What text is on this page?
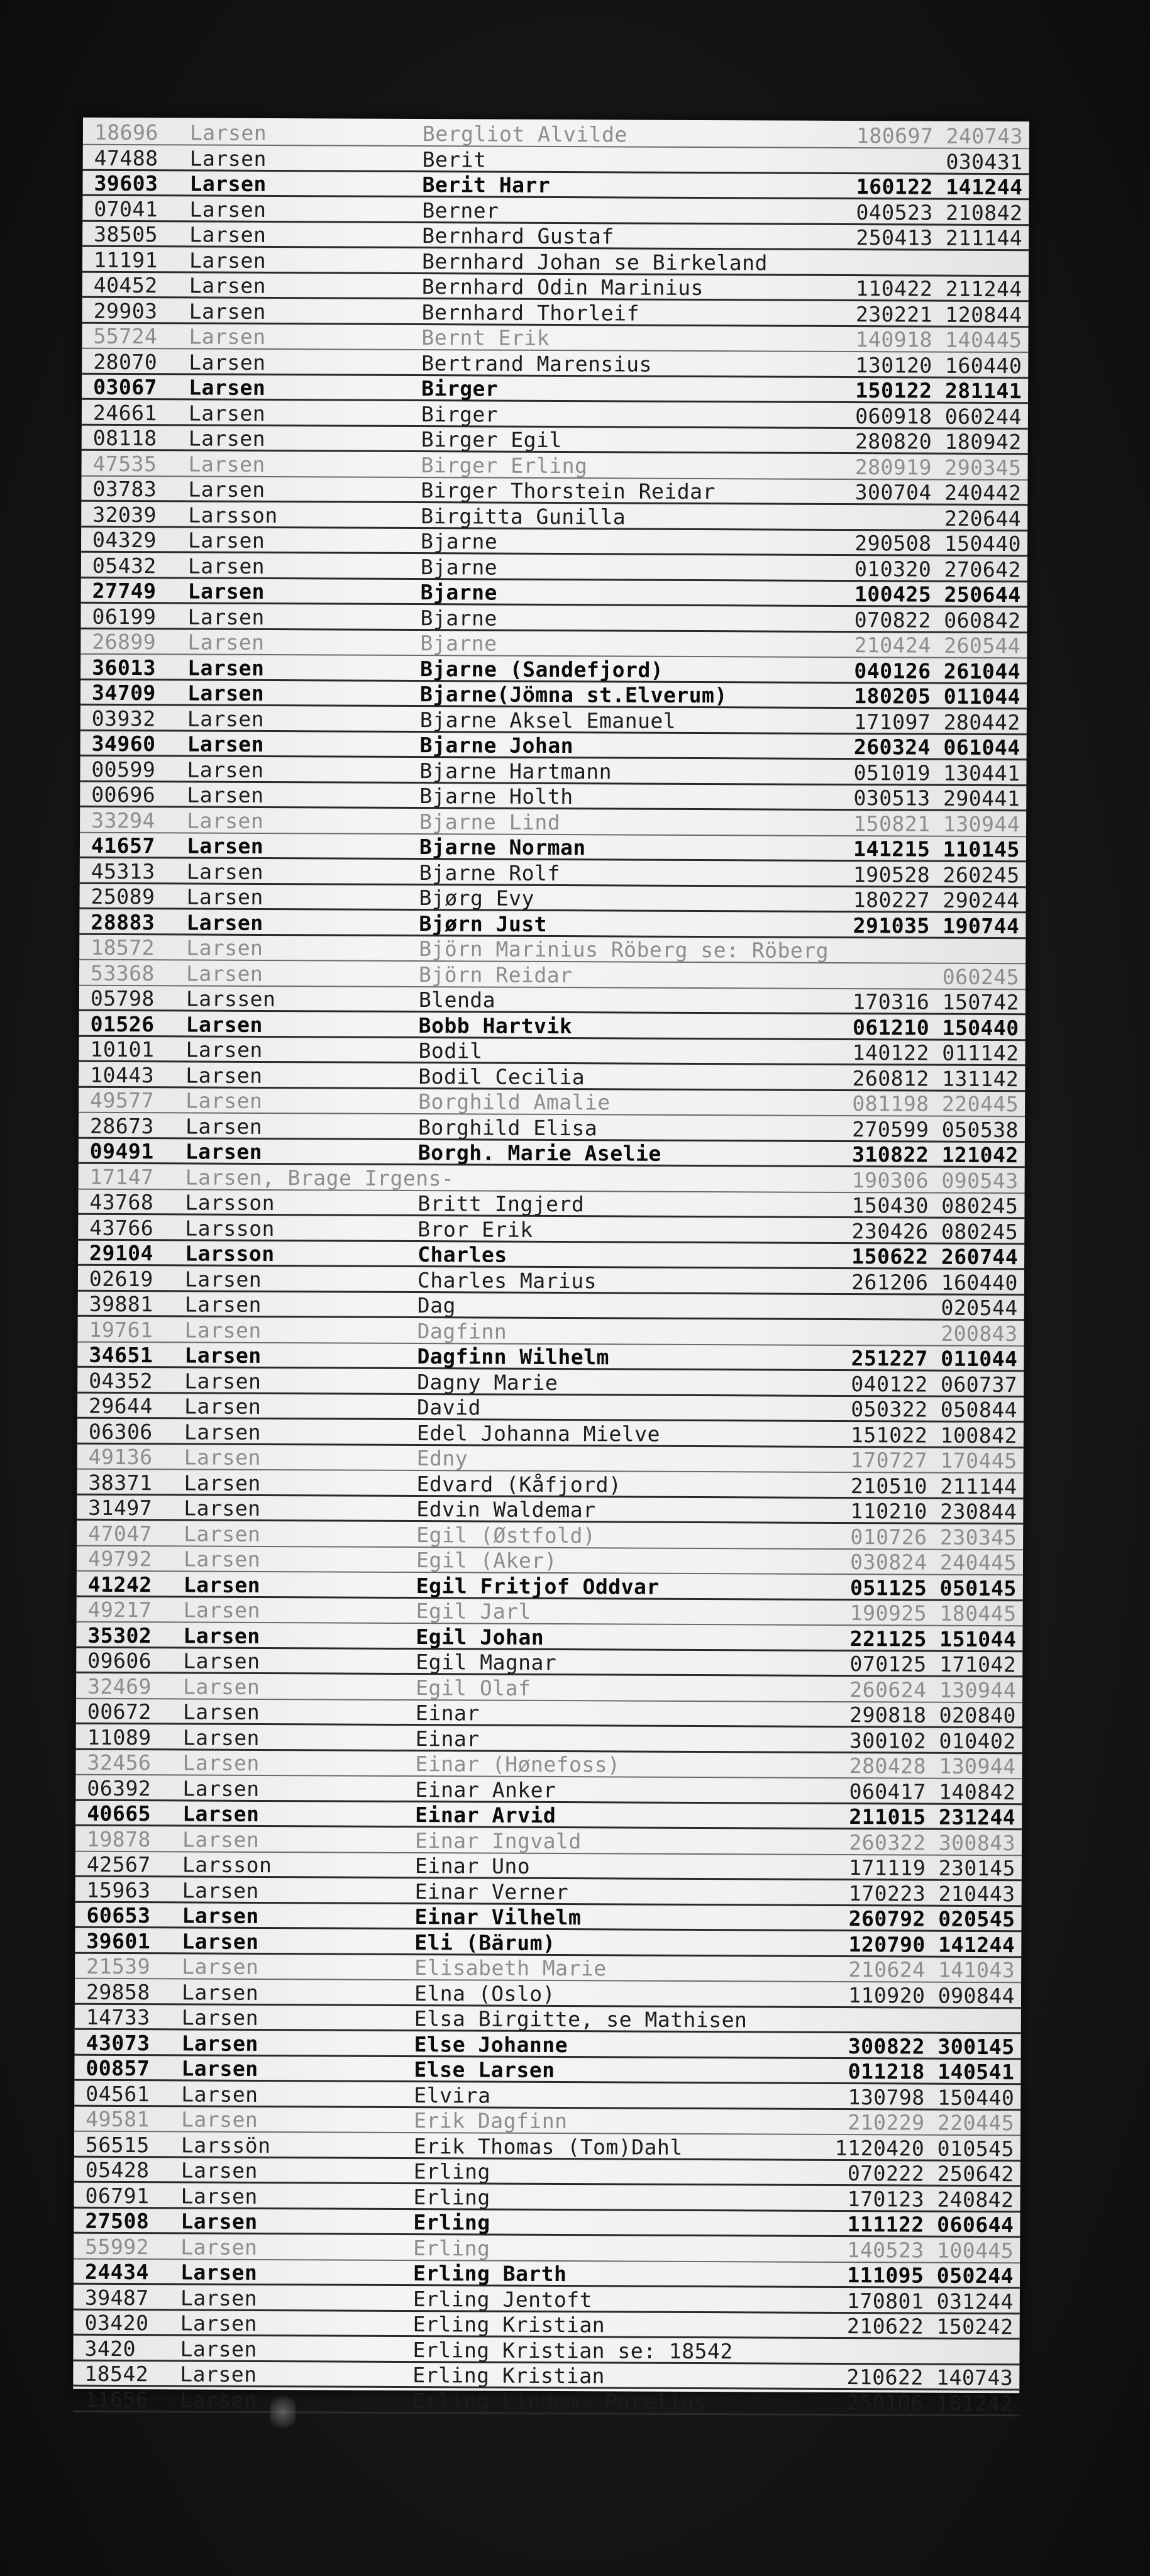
18696 Larsen	Bergliot Alvilde	180697 240743
47488 Larsen	Berit	030431
39603 Larsen	Berit Harr	160122 141244
07041 Larsen	Berner	040523 210842
38505 Larsen	Bernhard Gustaf	250413 211144
11191 Larsen	Bernhard Johan se Birkeland
40452 Larsen	Bernhard Odin Marinius	110422 211244
29903 Larsen	Bernhard Thorleif	230221 120844
55724 Larsen	Bernt Erik	140918 140445
28070 Larsen	Bertrand Marensius	130120 160440
03067 Larsen	Birger	150122 281141
24661 Larsen	Birger	060918 060244
08118 Larsen	Birger Egil	280820 180942
47535 Larsen	Birger Erling	280919 290345
03783 Larsen	Birger Thorstein Reidar	300704 240442
32039 Larsson	Birgitta Gunilla	220644
04329 Larsen	Bjarne	290508 150440
05432 Larsen	Bjarne	010320 270642
27749 Larsen	Bjarne	100425 250644
06199 Larsen	Bjarne	070822 060842
26899 Larsen	Bjarne	210424 260544
36013 Larsen	Bjarne (Sandefjord)	040126 261044
34709 Larsen	Bjarne(Jömna st.Elverum)	180205 011044
03932 Larsen	Bjarne Aksel Emanuel	171097 280442
34960 Larsen	Bjarne Johan	260324 061044
00599 Larsen	Bjarne Hartmann	051019 130441
00696 Larsen	Bjarne Holth	030513 290441
33294 Larsen	Bjarne Lind	150821 130944
41657 Larsen	Bjarne Norman	141215 110145
45313 Larsen	Bjarne Rolf	190528 260245
25089 Larsen	Bjørg Evy	180227 290244
28883 Larsen	Bjørn Just	291035 190744
18572 Larsen	Björn Marinius Röberg se: Röberg
53368 Larsen	Björn Reidar	060245
05798 Larssen	Blenda	170316 150742
01526 Larsen	Bobb Hartvik	061210 150440
10101 Larsen	Bodil	140122 011142
10443 Larsen	Bodil Cecilia	260812 131142
49577 Larsen	Borghild Amalie	081198 220445
28673 Larsen	Borghild Elisa	270599 050538
09491 Larsen	Borgh. Marie Aselie	310822 121042
17147 Larsen, Brage Irgens-	190306 090543
43768 Larsson	Britt Ingjerd	150430 080245
43766 Larsson	Bror Erik	230426 080245
29104 Larsson	Charles	150622 260744
02619 Larsen	Charles Marius	261206 160440
39881 Larsen	Dag	020544
19761 Larsen	Dagfinn	200843
34651 Larsen	Dagfinn Wilhelm	251227 011044
04352 Larsen	Dagny Marie	040122 060737
29644 Larsen	David	050322 050844
06306 Larsen	Edel Johanna Mielve	151022 100842
49136 Larsen	Edny	170727 170445
38371 Larsen	Edvard (Kåfjord)	210510 211144
31497 Larsen	Edvin Waldemar	110210 230844
47047 Larsen	Egil (Østfold)	010726 230345
49792 Larsen	Egil (Aker)	030824 240445
41242 Larsen	Egil Fritjof Oddvar	051125 050145
49217 Larsen	Egil Jarl	190925 180445
35302 Larsen	Egil Johan	221125 151044
09606 Larsen	Egil Magnar	070125 171042
32469 Larsen	Egil Olaf	260624 130944
00672 Larsen	Einar	290818 020840
11089 Larsen	Einar	300102 010402
32456 Larsen	Einar (Hønefoss)	280428 130944
06392 Larsen	Einar Anker	060417 140842
40665 Larsen	Einar Arvid	211015 231244
19878 Larsen	Einar Ingvald	260322 300843
42567 Larsson	Einar Uno	171119 230145
15963 Larsen	Einar Verner	170223 210443
60653 Larsen	Einar Vilhelm	260792 020545
39601 Larsen	Eli (Bärum)	120790 141244
21539 Larsen	Elisabeth Marie	210624 141043
29858 Larsen	Elna (Oslo)	110920 090844
14733 Larsen	Elsa Birgitte, se Mathisen
43073 Larsen	Else Johanne	300822 300145
00857 Larsen	Else Larsen	011218 140541
04561 Larsen	Elvira	130798 150440
49581 Larsen	Erik Dagfinn	210229 220445
56515 Larssön	Erik Thomas (Tom)Dahl	1120420 010545
05428 Larsen	Erling	070222 250642
06791 Larsen	Erling	170123 240842
27508 Larsen	Erling	111122 060644
55992 Larsen	Erling	140523 100445
24434 Larsen	Erling Barth	111095 050244
39487 Larsen	Erling Jentoft	170801 031244
03420 Larsen	Erling Kristian	210622 150242
3420 Larsen	Erling Kristian se: 18542
18542 Larsen	Erling Kristian	210622 140743
11656 Larsen	Erling Lindem. Parelius	250106 181242
